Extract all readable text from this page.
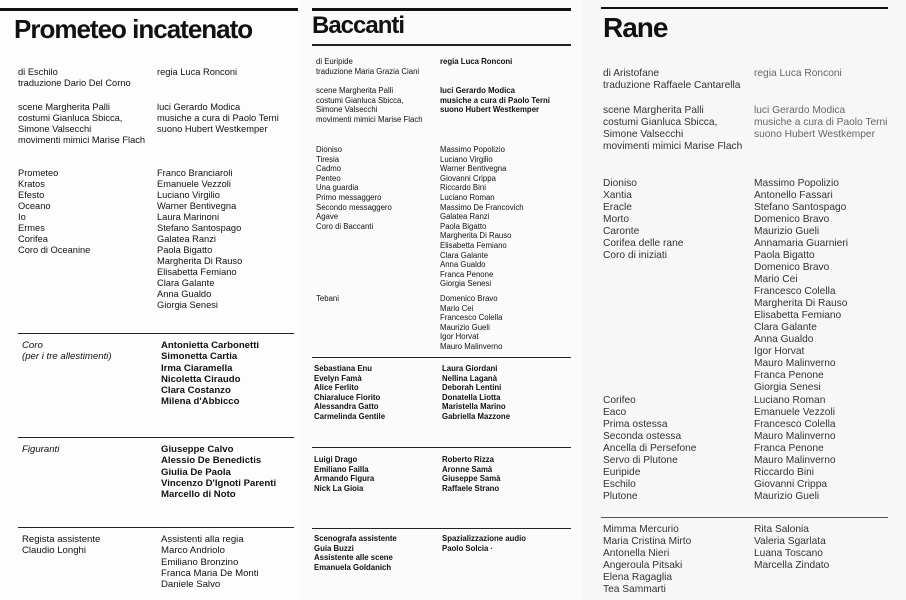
Prometeo incatenato
di Eschilo
traduzione Dario Del Corno
regia Luca Ronconi
scene Margherita Palli
costumi Gianluca Sbicca,
Simone Valsecchi
movimenti mimici Marise Flach
luci Gerardo Modica
musiche a cura di Paolo Terni
suono Hubert Westkemper
Prometeo
Kratos
Efesto
Oceano
Io
Ermes
Corifea
Coro di Oceanine
Franco Branciaroli
Emanuele Vezzoli
Luciano Virgilio
Warner Bentivegna
Laura Marinoni
Stefano Santospago
Galatea Ranzi
Paola Bigatto
Margherita Di Rauso
Elisabetta Femiano
Clara Galante
Anna Gualdo
Giorgia Senesi
Coro
(per i tre allestimenti)
Antonietta Carbonetti
Simonetta Cartia
Irma Ciaramella
Nicoletta Ciraudo
Clara Costanzo
Milena d'Abbicco
Figuranti	Giuseppe Calvo
Alessio De Benedictis
Giulia De Paola
Vincenzo D'Ignoti Parenti
Marcello di Noto
Regista assistente
Claudio Longhi
Assistenti alla regia
Marco Andriolo
Emiliano Bronzino
Franca Maria De Monti
Daniele Salvo
Baccanti
di Euripide
traduzione Maria Grazia Ciani
regia Luca Ronconi
scene Margherita Palli
costumi Gianluca Sbicca,
Simone Valsecchi
movimenti mimici Marise Flach
luci Gerardo Modica
musiche a cura di Paolo Terni
suono Hubert Westkemper
Dioniso
Tiresia
Cadmo
Penteo
Una guardia
Primo messaggero
Secondo messaggero
Agave
Coro di Baccanti
Massimo Popolizio
Luciano Virgilio
Warner Bentivegna
Giovanni Crippa
Riccardo Bini
Luciano Roman
Massimo De Francovich
Galatea Ranzi
Paola Bigatto
Margherita Di Rauso
Elisabetta Femiano
Clara Galante
Anna Gualdo
Franca Penone
Giorgia Senesi
Tebani	Domenico Bravo
Mario Cei
Francesco Colella
Maurizio Gueli
Igor Horvat
Mauro Malinverno
Sebastiana Enu
Evelyn Famà
Alice Ferlito
Chiaraluce Fiorito
Alessandra Gatto
Carmelinda Gentile
Laura Giordani
Nellina Laganà
Deborah Lentini
Donatella Liotta
Maristella Marino
Gabriella Mazzone
Luigi Drago
Emiliano Failla
Armando Figura
Nick La Gioia
Roberto Rizza
Aronne Samà
Giuseppe Samà
Raffaele Strano
Scenografa assistente
Guia Buzzi
Assistente alle scene
Emanuela Goldanich
Spazializzazione audio
Paolo Solcia ·
Rane
di Aristofane
traduzione Raffaele Cantarella
regia Luca Ronconi
scene Margherita Palli
costumi Gianluca Sbicca,
Simone Valsecchi
movimenti mimici Marise Flach
luci Gerardo Modica
musiche a cura di Paolo Terni
suono Hubert Westkemper
Dioniso
Xantia
Eracle
Morto
Caronte
Corifea delle rane
Coro di iniziati
Massimo Popolizio
Antonello Fassari
Stefano Santospago
Domenico Bravo
Maurizio Gueli
Annamaria Guarnieri
Paola Bigatto
Domenico Bravo
Mario Cei
Francesco Colella
Margherita Di Rauso
Elisabetta Femiano
Clara Galante
Anna Gualdo
Igor Horvat
Mauro Malinverno
Franca Penone
Giorgia Senesi
Corifeo
Eaco
Prima ostessa
Seconda ostessa
Ancella di Persefone
Servo di Plutone
Euripide
Eschilo
Plutone
Luciano Roman
Emanuele Vezzoli
Francesco Colella
Mauro Malinverno
Franca Penone
Mauro Malinverno
Riccardo Bini
Giovanni Crippa
Maurizio Gueli
Mimma Mercurio
Maria Cristina Mirto
Antonella Nieri
Angeroula Pitsaki
Elena Ragaglia
Tea Sammarti
Rita Salonia
Valeria Sgarlata
Luana Toscano
Marcella Zindato
